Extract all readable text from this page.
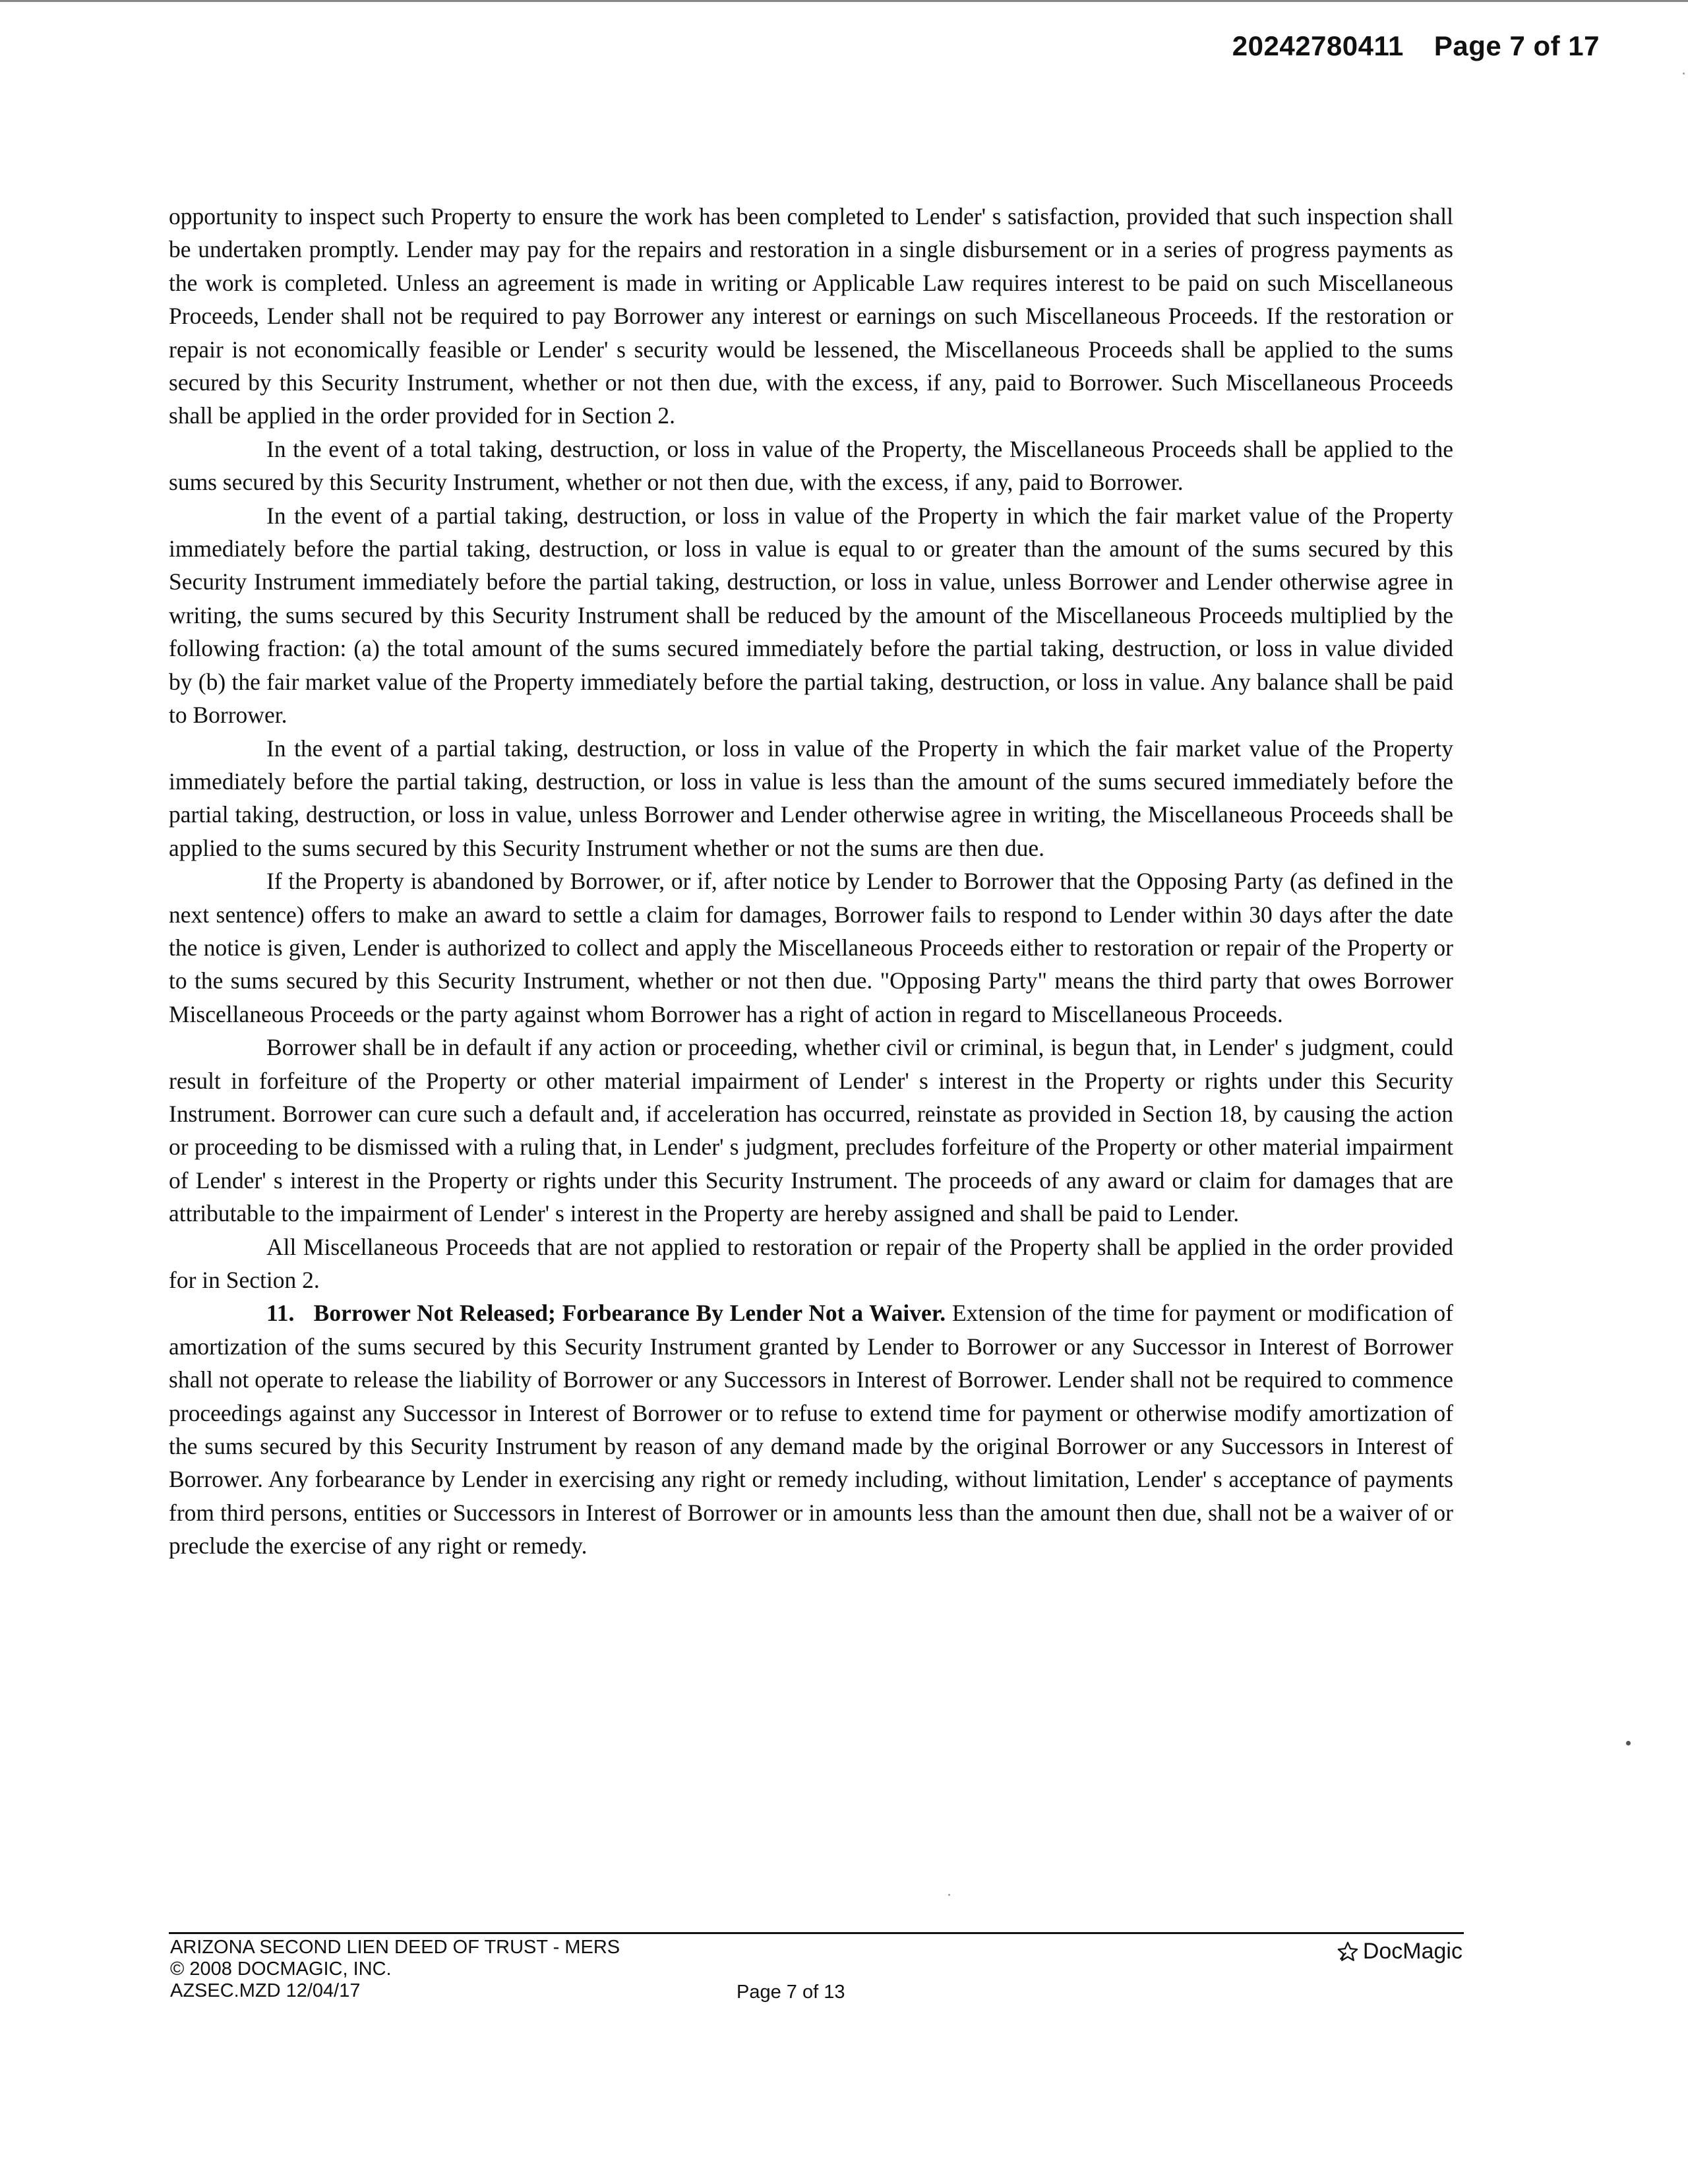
20242780411 Page 7 of 17

opportunity to inspect such Property to ensure the work has been completed to Lender' s satisfaction, provided that such inspection shall be undertaken promptly. Lender may pay for the repairs and restoration in a single disbursement or in a series of progress payments as the work is completed. Unless an agreement is made in writing or Applicable Law requires interest to be paid on such Miscellaneous Proceeds, Lender shall not be required to pay Borrower any interest or earnings on such Miscellaneous Proceeds. If the restoration or repair is not economically feasible or Lender' s security would be lessened, the Miscellaneous Proceeds shall be applied to the sums secured by this Security Instrument, whether or not then due, with the excess, if any, paid to Borrower. Such Miscellaneous Proceeds shall be applied in the order provided for in Section 2.

In the event of a total taking, destruction, or loss in value of the Property, the Miscellaneous Proceeds shall be applied to the sums secured by this Security Instrument, whether or not then due, with the excess, if any, paid to Borrower.

In the event of a partial taking, destruction, or loss in value of the Property in which the fair market value of the Property immediately before the partial taking, destruction, or loss in value is equal to or greater than the amount of the sums secured by this Security Instrument immediately before the partial taking, destruction, or loss in value, unless Borrower and Lender otherwise agree in writing, the sums secured by this Security Instrument shall be reduced by the amount of the Miscellaneous Proceeds multiplied by the following fraction: (a) the total amount of the sums secured immediately before the partial taking, destruction, or loss in value divided by (b) the fair market value of the Property immediately before the partial taking, destruction, or loss in value. Any balance shall be paid to Borrower.

In the event of a partial taking, destruction, or loss in value of the Property in which the fair market value of the Property immediately before the partial taking, destruction, or loss in value is less than the amount of the sums secured immediately before the partial taking, destruction, or loss in value, unless Borrower and Lender otherwise agree in writing, the Miscellaneous Proceeds shall be applied to the sums secured by this Security Instrument whether or not the sums are then due.

If the Property is abandoned by Borrower, or if, after notice by Lender to Borrower that the Opposing Party (as defined in the next sentence) offers to make an award to settle a claim for damages, Borrower fails to respond to Lender within 30 days after the date the notice is given, Lender is authorized to collect and apply the Miscellaneous Proceeds either to restoration or repair of the Property or to the sums secured by this Security Instrument, whether or not then due. "Opposing Party" means the third party that owes Borrower Miscellaneous Proceeds or the party against whom Borrower has a right of action in regard to Miscellaneous Proceeds.

Borrower shall be in default if any action or proceeding, whether civil or criminal, is begun that, in Lender' s judgment, could result in forfeiture of the Property or other material impairment of Lender' s interest in the Property or rights under this Security Instrument. Borrower can cure such a default and, if acceleration has occurred, reinstate as provided in Section 18, by causing the action or proceeding to be dismissed with a ruling that, in Lender' s judgment, precludes forfeiture of the Property or other material impairment of Lender' s interest in the Property or rights under this Security Instrument. The proceeds of any award or claim for damages that are attributable to the impairment of Lender' s interest in the Property are hereby assigned and shall be paid to Lender.

All Miscellaneous Proceeds that are not applied to restoration or repair of the Property shall be applied in the order provided for in Section 2.

11. Borrower Not Released; Forbearance By Lender Not a Waiver. Extension of the time for payment or modification of amortization of the sums secured by this Security Instrument granted by Lender to Borrower or any Successor in Interest of Borrower shall not operate to release the liability of Borrower or any Successors in Interest of Borrower. Lender shall not be required to commence proceedings against any Successor in Interest of Borrower or to refuse to extend time for payment or otherwise modify amortization of the sums secured by this Security Instrument by reason of any demand made by the original Borrower or any Successors in Interest of Borrower. Any forbearance by Lender in exercising any right or remedy including, without limitation, Lender' s acceptance of payments from third persons, entities or Successors in Interest of Borrower or in amounts less than the amount then due, shall not be a waiver of or preclude the exercise of any right or remedy.

ARIZONA SECOND LIEN DEED OF TRUST - MERS
© 2008 DOCMAGIC, INC.
AZSEC.MZD 12/04/17	Page 7 of 13
DocMagic
